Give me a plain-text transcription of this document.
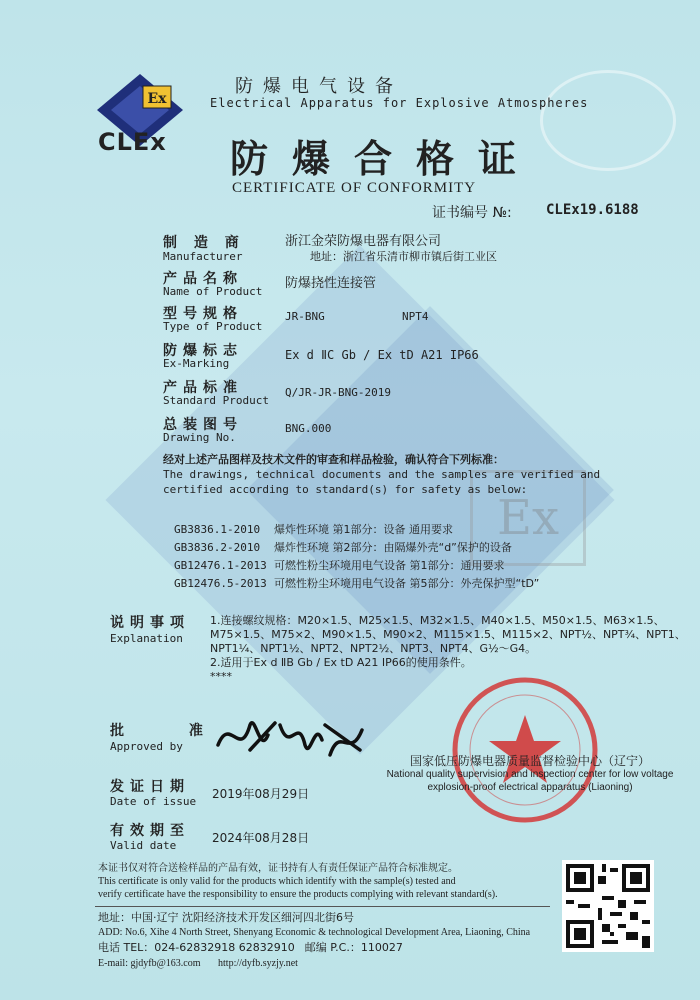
Ex
Ex
CLEx
防爆电气设备
Electrical Apparatus for Explosive Atmospheres
防爆合格证
CERTIFICATE OF CONFORMITY
证书编号 №: CLEx19.6188
制 造 商
Manufacturer
浙江金荣防爆电器有限公司
地址：浙江省乐清市柳市镇后街工业区
产品名称
Name of Product
防爆挠性连接管
型号规格
Type of Product
JR-BNG	NPT4
防爆标志
Ex-Marking
Ex d ⅡC Gb / Ex tD A21 IP66
产品标准
Standard Product
Q/JR-JR-BNG-2019
总装图号
Drawing No.
BNG.000
经对上述产品图样及技术文件的审查和样品检验，确认符合下列标准：
The drawings, technical documents and the samples are verified and certified according to standard(s) for safety as below:
GB3836.1-2010 爆炸性环境 第1部分：设备 通用要求
GB3836.2-2010 爆炸性环境 第2部分：由隔爆外壳“d”保护的设备
GB12476.1-2013 可燃性粉尘环境用电气设备 第1部分：通用要求
GB12476.5-2013 可燃性粉尘环境用电气设备 第5部分：外壳保护型“tD”
说明事项
Explanation
1.连接螺纹规格：M20×1.5、M25×1.5、M32×1.5、M40×1.5、M50×1.5、M63×1.5、
M75×1.5、M75×2、M90×1.5、M90×2、M115×1.5、M115×2、NPT½、NPT¾、NPT1、
NPT1¼、NPT1½、NPT2、NPT2½、NPT3、NPT4、G½～G4。
2.适用于Ex d ⅡB Gb / Ex tD A21 IP66的使用条件。
****
批 准
Approved by
国家低压防爆电器质量监督检验中心（辽宁）
National quality supervision and inspection center for low voltage
explosion-proof electrical apparatus (Liaoning)
发证日期
Date of issue
2019年08月29日
有效期至
Valid date
2024年08月28日
本证书仅对符合送检样品的产品有效，证书持有人有责任保证产品符合标准规定。
This certificate is only valid for the products which identify with the sample(s) tested and
verify certificate have the responsibility to ensure the products complying with relevant standard(s).
地址：中国·辽宁 沈阳经济技术开发区细河四北街6号
ADD: No.6, Xihe 4 North Street, Shenyang Economic & technological Development Area, Liaoning, China
电话 TEL：024-62832918 62832910 邮编 P.C.：110027
E-mail: gjdyfb@163.com http://dyfb.syzjy.net
